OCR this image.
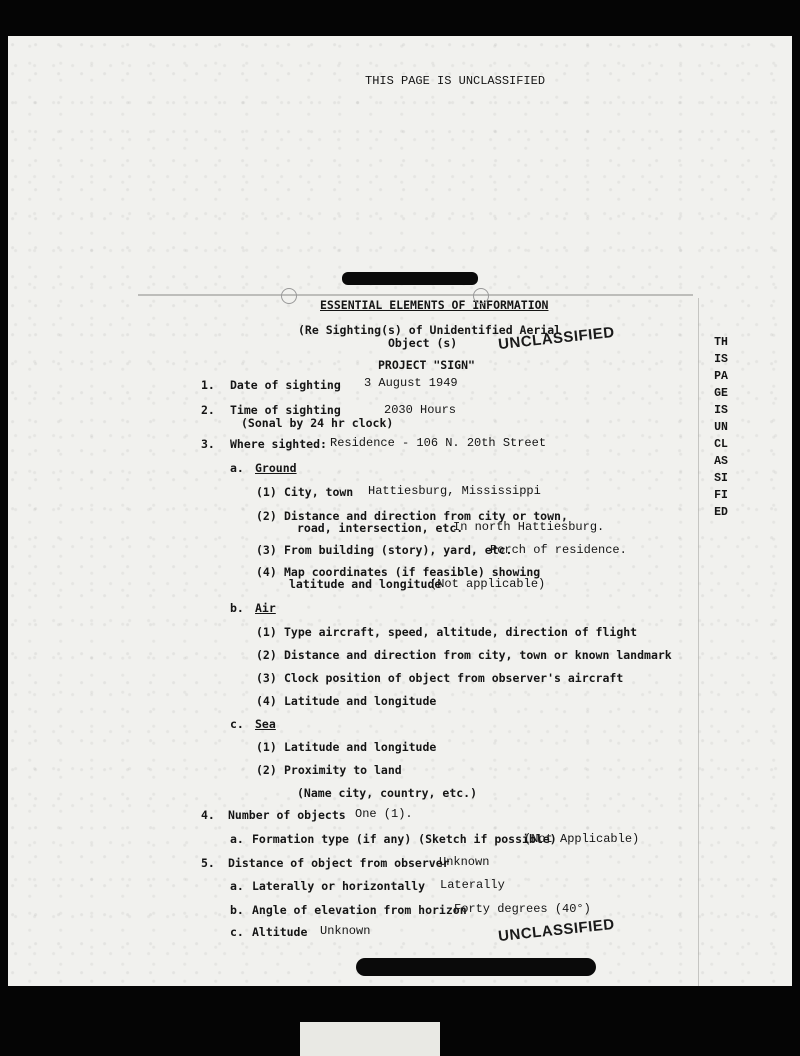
THIS PAGE IS UNCLASSIFIED
ESSENTIAL ELEMENTS OF INFORMATION
(Re Sighting(s) of Unidentified Aerial
Object (s)	UNCLASSIFIED
PROJECT "SIGN"
THIS PAGE IS UNCLASSIFIED
1. Date of sighting 3 August 1949
2. Time of sighting	2030 Hours
(Sonal by 24 hr clock)
3. Where sighted: Residence - 106 N. 20th Street
a. Ground
(1) City, town Hattiesburg, Mississippi
(2) Distance and direction from city or town,
road, intersection, etc.
In north Hattiesburg.
(3) From building (story), yard, etc.
Porch of residence.
(4) Map coordinates (if feasible) showing
latitude and longitude
(Not applicable)
b. Air
(1) Type aircraft, speed, altitude, direction of flight
(2) Distance and direction from city, town or known landmark
(3) Clock position of object from observer's aircraft
(4) Latitude and longitude
c. Sea
(1) Latitude and longitude
(2) Proximity to land
(Name city, country, etc.)
4. Number of objects One (1).
a. Formation type (if any) (Sketch if possible)
(Not Applicable)
5. Distance of object from observer
Unknown
a. Laterally or horizontally Laterally
b. Angle of elevation from horizon
Forty degrees (40°)
c. Altitude Unknown	UNCLASSIFIED
